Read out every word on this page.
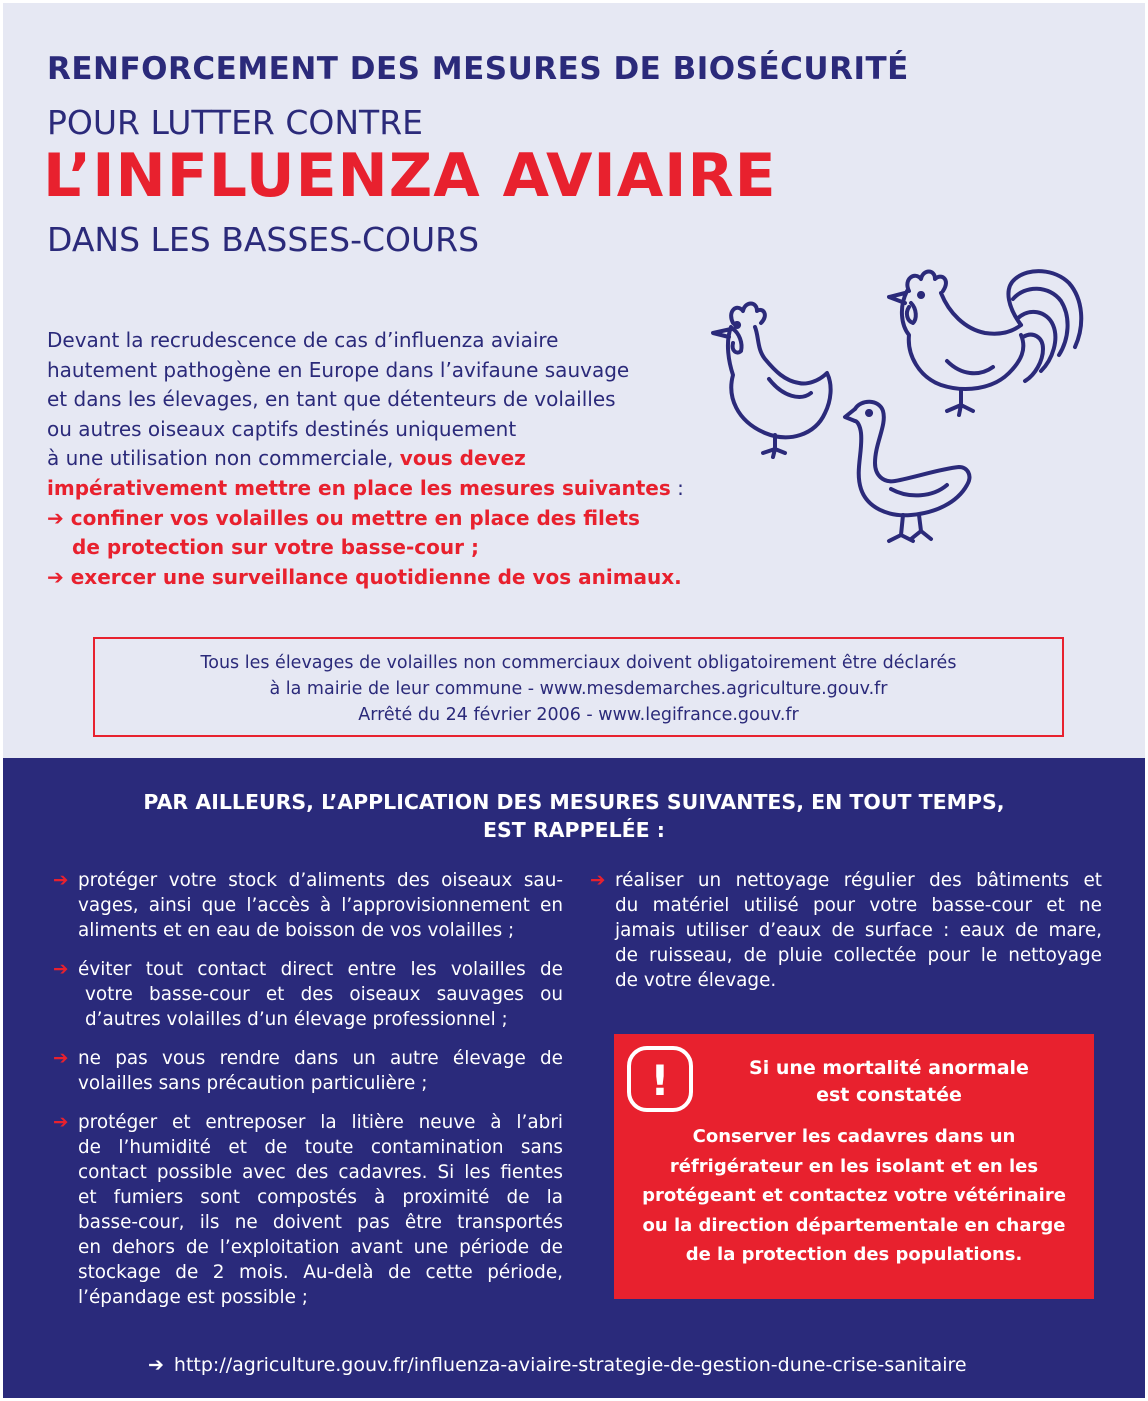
RENFORCEMENT DES MESURES DE BIOSÉCURITÉ
POUR LUTTER CONTRE
L’INFLUENZA AVIAIRE
DANS LES BASSES-COURS
Devant la recrudescence de cas d’influenza aviaire
hautement pathogène en Europe dans l’avifaune sauvage
et dans les élevages, en tant que détenteurs de volailles
ou autres oiseaux captifs destinés uniquement
à une utilisation non commerciale, vous devez
impérativement mettre en place les mesures suivantes :
➔ confiner vos volailles ou mettre en place des filets
de protection sur votre basse-cour ;
➔ exercer une surveillance quotidienne de vos animaux.
Tous les élevages de volailles non commerciaux doivent obligatoirement être déclarés
à la mairie de leur commune - www.mesdemarches.agriculture.gouv.fr
Arrêté du 24 février 2006 - www.legifrance.gouv.fr
PAR AILLEURS, L’APPLICATION DES MESURES SUIVANTES, EN TOUT TEMPS,
EST RAPPELÉE :
➔ protéger votre stock d’aliments des oiseaux sau-
vages, ainsi que l’accès à l’approvisionnement en
aliments et en eau de boisson de vos volailles ;
➔ éviter tout contact direct entre les volailles de
votre basse-cour et des oiseaux sauvages ou
d’autres volailles d’un élevage professionnel ;
➔ ne pas vous rendre dans un autre élevage de
volailles sans précaution particulière ;
➔ protéger et entreposer la litière neuve à l’abri
de l’humidité et de toute contamination sans
contact possible avec des cadavres. Si les fientes
et fumiers sont compostés à proximité de la
basse-cour, ils ne doivent pas être transportés
en dehors de l’exploitation avant une période de
stockage de 2 mois. Au-delà de cette période,
l’épandage est possible ;
➔ réaliser un nettoyage régulier des bâtiments et
du matériel utilisé pour votre basse-cour et ne
jamais utiliser d’eaux de surface : eaux de mare,
de ruisseau, de pluie collectée pour le nettoyage
de votre élevage.
!	Si une mortalité anormale
est constatée
Conserver les cadavres dans un
réfrigérateur en les isolant et en les
protégeant et contactez votre vétérinaire
ou la direction départementale en charge
de la protection des populations.
➔ http://agriculture.gouv.fr/influenza-aviaire-strategie-de-gestion-dune-crise-sanitaire
